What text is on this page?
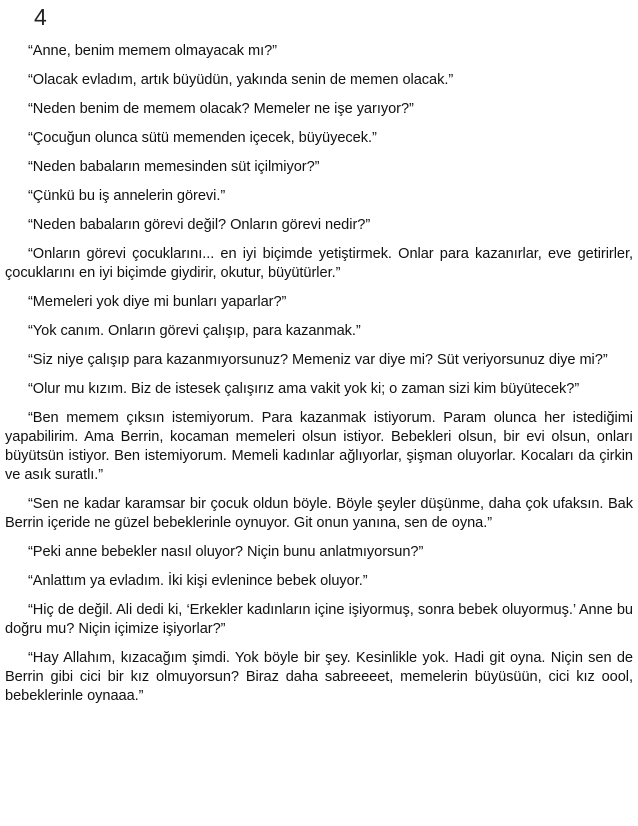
4

“Anne, benim memem olmayacak mı?”

“Olacak evladım, artık büyüdün, yakında senin de memen olacak.”

“Neden benim de memem olacak? Memeler ne işe yarıyor?”

“Çocuğun olunca sütü memenden içecek, büyüyecek.”

“Neden babaların memesinden süt içilmiyor?”

“Çünkü bu iş annelerin görevi.”

“Neden babaların görevi değil? Onların görevi nedir?”

“Onların görevi çocuklarını... en iyi biçimde yetiştirmek. Onlar para kazanırlar, eve getirirler, çocuklarını en iyi biçimde giydirir, okutur, büyütürler.”

“Memeleri yok diye mi bunları yaparlar?”

“Yok canım. Onların görevi çalışıp, para kazanmak.”

“Siz niye çalışıp para kazanmıyorsunuz? Memeniz var diye mi? Süt veriyorsunuz diye mi?”

“Olur mu kızım. Biz de istesek çalışırız ama vakit yok ki; o zaman sizi kim büyütecek?”

“Ben memem çıksın istemiyorum. Para kazanmak istiyorum. Param olunca her istediğimi yapabilirim. Ama Berrin, kocaman memeleri olsun istiyor. Bebekleri olsun, bir evi olsun, onları büyütsün istiyor. Ben istemiyorum. Memeli kadınlar ağlıyorlar, şişman oluyorlar. Kocaları da çirkin ve asık suratlı.”

“Sen ne kadar karamsar bir çocuk oldun böyle. Böyle şeyler düşünme, daha çok ufaksın. Bak Berrin içeride ne güzel bebeklerinle oynuyor. Git onun yanına, sen de oyna.”

“Peki anne bebekler nasıl oluyor? Niçin bunu anlatmıyorsun?”

“Anlattım ya evladım. İki kişi evlenince bebek oluyor.”

“Hiç de değil. Ali dedi ki, ‘Erkekler kadınların içine işiyormuş, sonra bebek oluyormuş.’ Anne bu doğru mu? Niçin içimize işiyorlar?”

“Hay Allahım, kızacağım şimdi. Yok böyle bir şey. Kesinlikle yok. Hadi git oyna. Niçin sen de Berrin gibi cici bir kız olmuyorsun? Biraz daha sabreeeet, memelerin büyüsüün, cici kız oool, bebeklerinle oynaaa.”
